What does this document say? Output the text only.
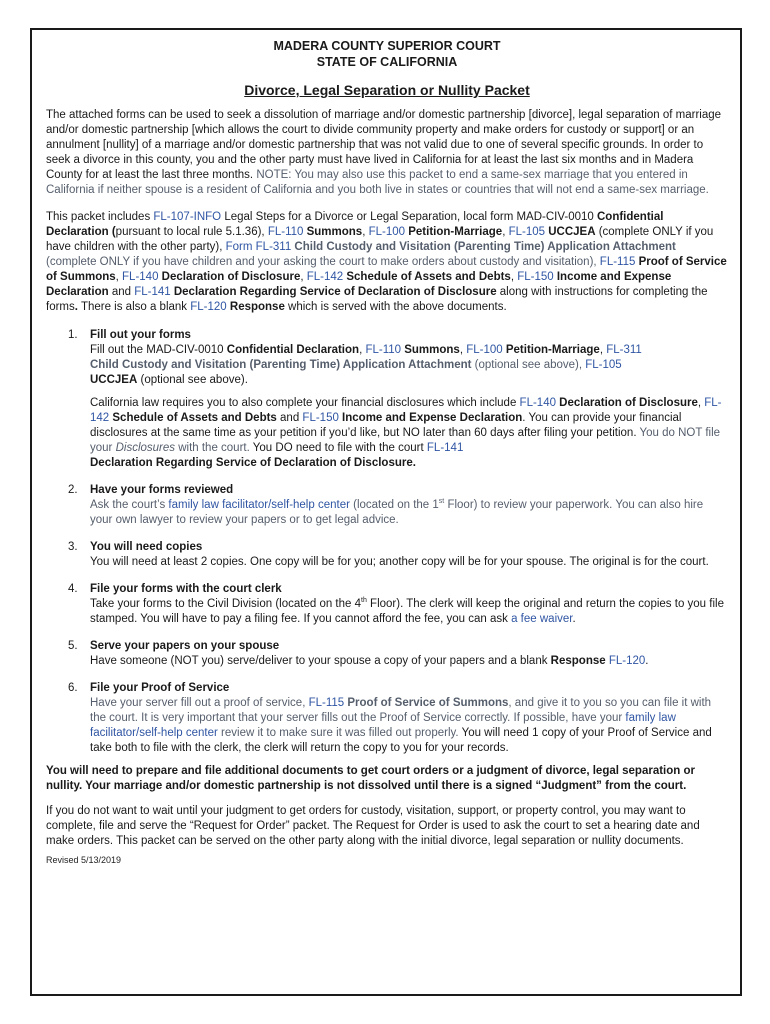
MADERA COUNTY SUPERIOR COURT
STATE OF CALIFORNIA
Divorce, Legal Separation or Nullity Packet

The attached forms can be used to seek a dissolution of marriage and/or domestic partnership [divorce], legal separation of marriage and/or domestic partnership [which allows the court to divide community property and make orders for custody or support] or an annulment [nullity] of a marriage and/or domestic partnership that was not valid due to one of several specific grounds. In order to seek a divorce in this county, you and the other party must have lived in California for at least the last six months and in Madera County for at least the last three months. NOTE: You may also use this packet to end a same-sex marriage that you entered in California if neither spouse is a resident of California and you both live in states or countries that will not end a same-sex marriage.

This packet includes FL-107-INFO Legal Steps for a Divorce or Legal Separation, local form MAD-CIV-0010 Confidential Declaration (pursuant to local rule 5.1.36), FL-110 Summons, FL-100 Petition-Marriage, FL-105 UCCJEA (complete ONLY if you have children with the other party), Form FL-311 Child Custody and Visitation (Parenting Time) Application Attachment (complete ONLY if you have children and your asking the court to make orders about custody and visitation), FL-115 Proof of Service of Summons, FL-140 Declaration of Disclosure, FL-142 Schedule of Assets and Debts, FL-150 Income and Expense Declaration and FL-141 Declaration Regarding Service of Declaration of Disclosure along with instructions for completing the forms. There is also a blank FL-120 Response which is served with the above documents.

1. Fill out your forms

Fill out the MAD-CIV-0010 Confidential Declaration, FL-110 Summons, FL-100 Petition-Marriage, FL-311
Child Custody and Visitation (Parenting Time) Application Attachment (optional see above), FL-105
UCCJEA (optional see above).

California law requires you to also complete your financial disclosures which include FL-140 Declaration of Disclosure, FL-142 Schedule of Assets and Debts and FL-150 Income and Expense Declaration. You can provide your financial disclosures at the same time as your petition if you’d like, but NO later than 60 days after filing your petition. You do NOT file your Disclosures with the court. You DO need to file with the court FL-141
Declaration Regarding Service of Declaration of Disclosure.

2. Have your forms reviewed

Ask the court’s family law facilitator/self-help center (located on the 1st Floor) to review your paperwork. You can also hire your own lawyer to review your papers or to get legal advice.

3. You will need copies

You will need at least 2 copies. One copy will be for you; another copy will be for your spouse. The original is for the court.

4. File your forms with the court clerk

Take your forms to the Civil Division (located on the 4th Floor). The clerk will keep the original and return the copies to you file stamped. You will have to pay a filing fee. If you cannot afford the fee, you can ask a fee waiver.

5. Serve your papers on your spouse

Have someone (NOT you) serve/deliver to your spouse a copy of your papers and a blank Response FL-120.

6. File your Proof of Service

Have your server fill out a proof of service, FL-115 Proof of Service of Summons, and give it to you so you can file it with the court. It is very important that your server fills out the Proof of Service correctly. If possible, have your family law facilitator/self-help center review it to make sure it was filled out properly. You will need 1 copy of your Proof of Service and take both to file with the clerk, the clerk will return the copy to you for your records.

You will need to prepare and file additional documents to get court orders or a judgment of divorce, legal separation or nullity. Your marriage and/or domestic partnership is not dissolved until there is a signed “Judgment” from the court.

If you do not want to wait until your judgment to get orders for custody, visitation, support, or property control, you may want to complete, file and serve the “Request for Order” packet. The Request for Order is used to ask the court to set a hearing date and make orders. This packet can be served on the other party along with the initial divorce, legal separation or nullity documents.

Revised 5/13/2019
